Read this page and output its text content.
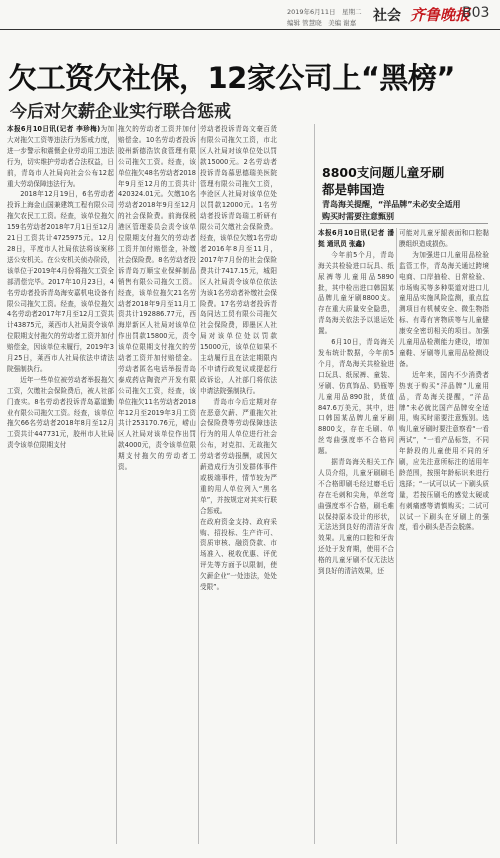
2019年6月11日　星期二
编辑 管慧晓　美编 谢嘉 社会 齐鲁晚报
B03
欠工资欠社保，12家公司上“黑榜”
今后对欠薪企业实行联合惩戒

本报6月10日讯(记者 李珍梅)为加大对拖欠工资等违法行为惩戒力度，进一步警示和震慑企业劳动用工违法行为，切实维护劳动者合法权益，日前，青岛市人社局向社会公布12起重大劳动保障违法行为。

2018年12月19日，6名劳动者投诉上海金山国兼建筑工程有限公司拖欠农民工工资。经查，该单位拖欠159名劳动者2018年7月1日至12月21日工资共计4725975元。12月28日，平度市人社局依法将该案移送公安机关。在公安机关侦办阶段，该单位于2019年4月份将拖欠工资全部清偿完毕。2017年10月23日，4名劳动者投诉青岛海安嘉机电设备有限公司拖欠工资。经查，该单位拖欠4名劳动者2017年7月至12月工资共计43875元，莱西市人社局责令该单位限期支付拖欠的劳动者工资并加付赔偿金，因该单位未履行，2019年3月25日，莱西市人社局依法申请法院强制执行。

近年一些单位被劳动者举报拖欠工资，欠缴社会保险费后，被人社部门查实。8名劳动者投诉青岛嘉道勤业有限公司拖欠工资。经查，该单位拖欠66名劳动者2018年8月至12月工资共计447731元，胶州市人社局责令该单位限期支付

拖欠的劳动者工资并加付赔偿金。10名劳动者投诉胶州新德浩饮食管理有限公司拖欠工资。经查，该单位拖欠48名劳动者2018年9月至12月的工资共计420324.01元。欠缴10名劳动者2018年9月至12月的社会保险费。前海保税港区管理委员会责令该单位限期支付拖欠的劳动者工资并加付赔偿金，补缴社会保险费。8名劳动者投诉青岛万顺宝业保鲜制品销售有限公司拖欠工资。经查，该单位拖欠21名劳动者2018年9月至11月工资共计192886.77元，西海岸新区人社局对该单位作出罚款15800元，责令该单位限期支付拖欠的劳动者工资并加付赔偿金。劳动者匿名电话举报青岛泰成药店陶瓷产开发有限公司拖欠工资，经查，该单位拖欠11名劳动者2018年12月至2019年3月工资共计253170.76元，崂山区人社局对该单位作出罚款4000元，责令该单位限期支付拖欠的劳动者工资。

劳动者投诉青岛文豪百货有限公司拖欠工资，市北区人社局对该单位处以罚款15000元。2名劳动者投诉青岛慕思德瑞美医院管理有限公司拖欠工资，李沧区人社局对该单位处以罚款12000元。1名劳动者投诉青岛瑞工析研有限公司欠缴社会保险费。经查，该单位欠缴1名劳动者2016年8月至11月，2017年7月份的社会保险费共计7417.15元，城阳区人社局责令该单位依法为该1名劳动者补缴社会保险费。17名劳动者投诉青岛同达工贸有限公司拖欠社会保险费，即墨区人社局对该单位处以罚款15000元，该单位如果不主动履行且在法定期限内不申请行政复议或提起行政诉讼，人社部门将依法申请法院强制执行。

青岛市今后定期对存在恶意欠薪、严重拖欠社会保险费等劳动保障违法行为的用人单位进行社会公布，对克扣、无故拖欠劳动者劳动报酬，或因欠薪造成行为引发群体事件或极端事件，情节较为严重的用人单位列入“黑名单”，并按规定对其实行联合惩戒。

在政府资金支持、政府采购、招投标、生产许可、资质审核、融资贷款、市场准入、税收优惠、评优评先等方面予以限制，使欠薪企业“一处违法，处处受限”。

8800支问题儿童牙刷
都是韩国造
青岛海关提醒，“洋品牌”未必安全适用
购买时需要注意甄别

本报6月10日讯(记者 潘挺 通讯员 张鑫)

今年前5个月，青岛海关共检验进口玩具、纸尿裤等儿童用品5890批，其中检出进口韩国某品牌儿童牙刷8800支。存在重大质量安全隐患，青岛海关依法予以退运处置。

6月10日，青岛海关发布统计数据，今年前5个月，青岛海关共检验进口玩具、纸尿裤、童装、牙刷、仿真饰品、奶瓶等儿童用品890批，货值847.6万美元，其中，进口韩国某品牌儿童牙刷8800支，存在毛刷、单丝弯曲强度率不合格问题。

据青岛海关相关工作人员介绍，儿童牙刷刷毛不合格即刷毛经过磨毛后存在毛刺和尖角，单丝弯曲强度率不合格，刷毛难以保持原本设计的形状，无法达到良好的清洁牙齿效果。儿童的口腔和牙齿还处于发育期，使用不合格的儿童牙刷不仅无法达到良好的清洁效果，还

可能对儿童牙龈表面和口腔黏膜组织造成损伤。

为加强进口儿童用品检验监管工作，青岛海关通过跨境电商、口岸抽检、日常检验、市场购买等多种渠道对进口儿童用品实施风险监测，重点监测项目有机械安全、微生物指标、有毒有害物质等与儿童健康安全密切相关的项目。加强儿童用品检测能力建设，增加童鞋、牙刷等儿童用品检测设备。

近年来，国内不少消费者热衷于购买“洋品牌”儿童用品，青岛海关提醒，“洋品牌”未必就比国产品牌安全适用，购买时需要注意甄别。选购儿童牙刷时要注意察看“一看两试”，“一看产品标签，不同年龄段的儿童使用不同的牙刷，应先注意所标注的适用年龄范围，按照年龄标识来进行选择；“一试可以试一下刷头质量，若按压刷毛的感觉太硬或有刺痛感等请慎购买；二试可以试一下刷头在牙刷上的强度，看小刷头是否会脱落。
